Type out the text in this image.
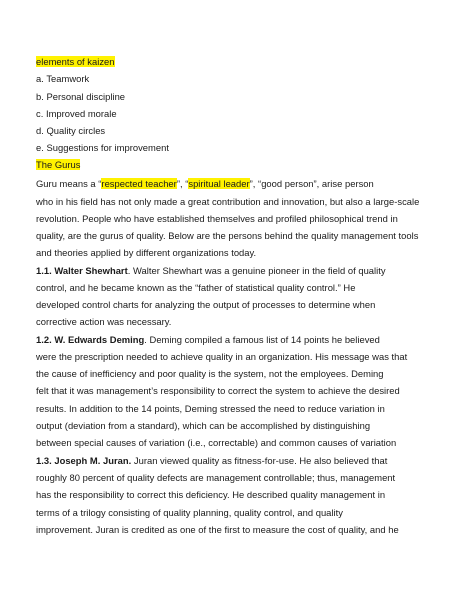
elements of kaizen
a. Teamwork
b. Personal discipline
c. Improved morale
d. Quality circles
e. Suggestions for improvement
The Gurus
Guru means a “respected teacher”, “spiritual leader”, “good person”, arise person
who in his field has not only made a great contribution and innovation, but also a large-scale
revolution. People who have established themselves and profiled philosophical trend in
quality, are the gurus of quality. Below are the persons behind the quality management tools
and theories applied by different organizations today.
1.1. Walter Shewhart. Walter Shewhart was a genuine pioneer in the field of quality
control, and he became known as the “father of statistical quality control.” He
developed control charts for analyzing the output of processes to determine when
corrective action was necessary.
1.2. W. Edwards Deming. Deming compiled a famous list of 14 points he believed
were the prescription needed to achieve quality in an organization. His message was that
the cause of inefficiency and poor quality is the system, not the employees. Deming
felt that it was management’s responsibility to correct the system to achieve the desired
results. In addition to the 14 points, Deming stressed the need to reduce variation in
output (deviation from a standard), which can be accomplished by distinguishing
between special causes of variation (i.e., correctable) and common causes of variation
1.3. Joseph M. Juran. Juran viewed quality as fitness-for-use. He also believed that
roughly 80 percent of quality defects are management controllable; thus, management
has the responsibility to correct this deficiency. He described quality management in
terms of a trilogy consisting of quality planning, quality control, and quality
improvement. Juran is credited as one of the first to measure the cost of quality, and he
